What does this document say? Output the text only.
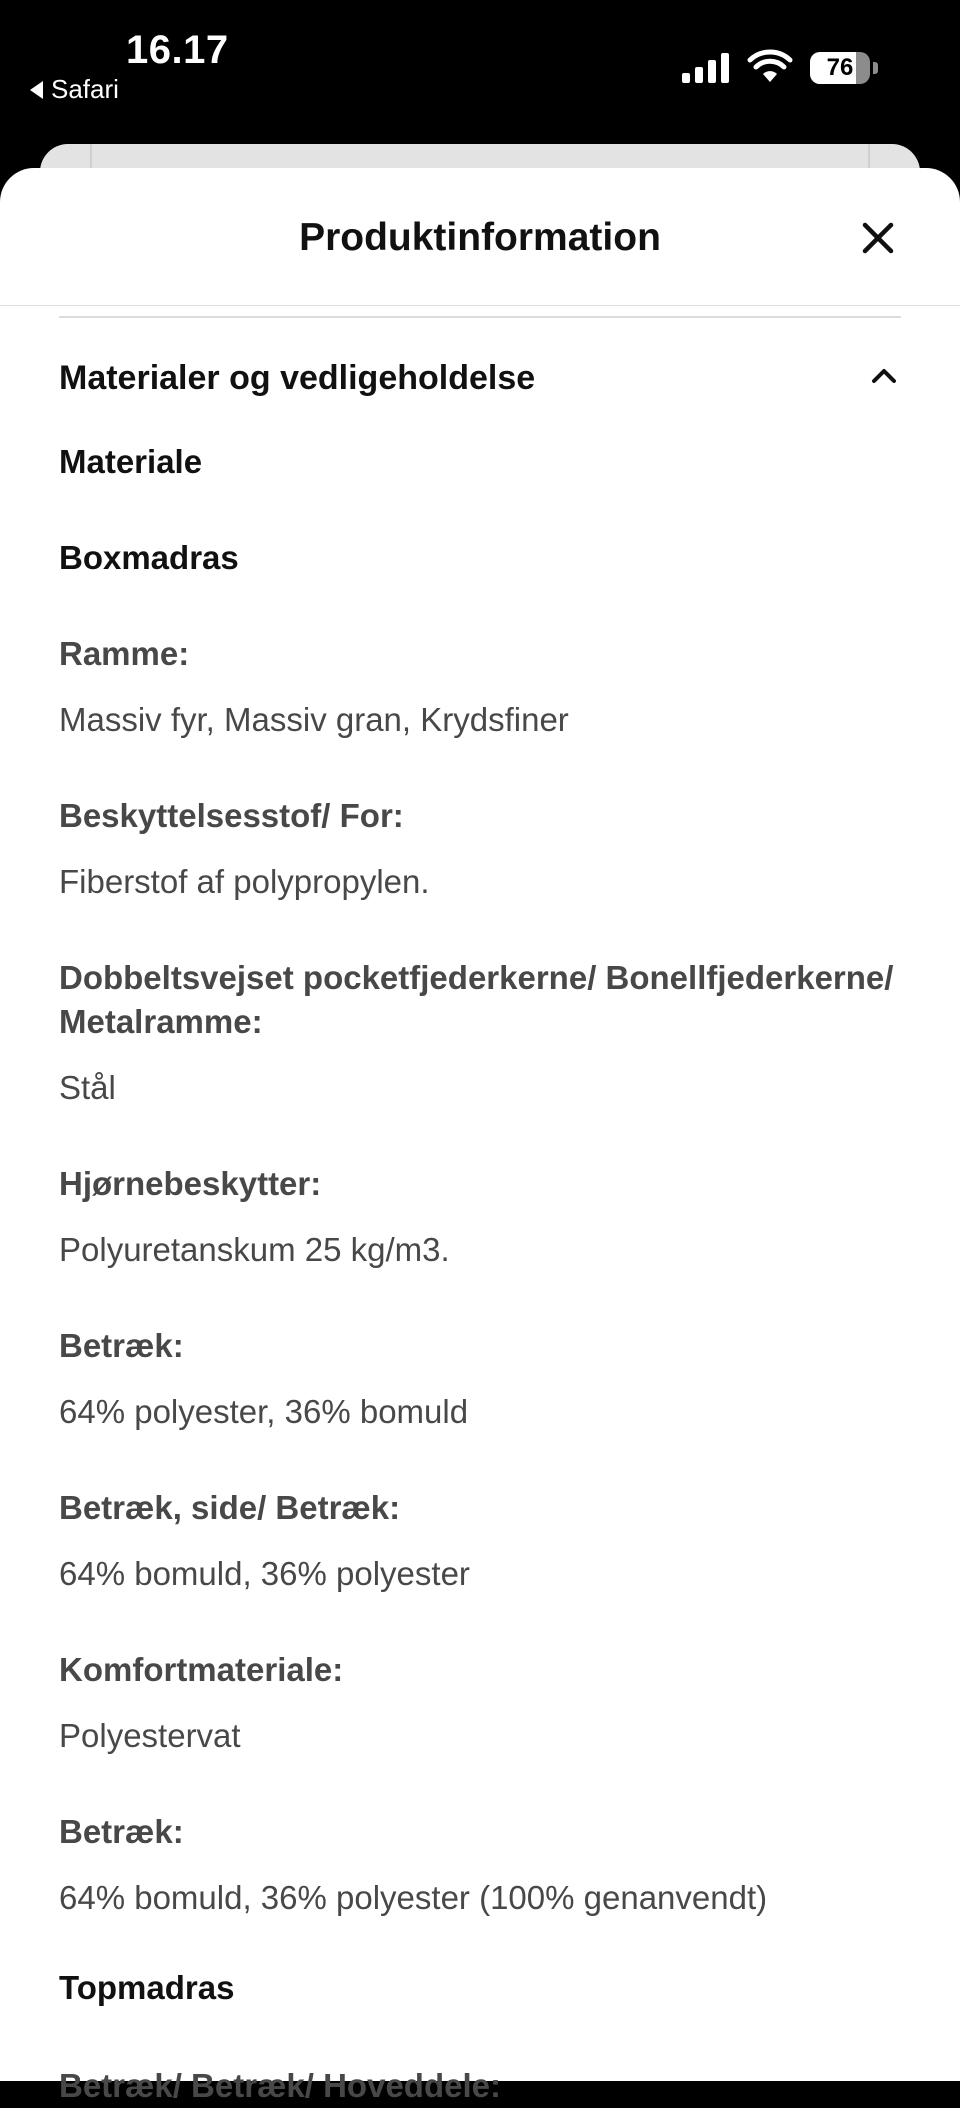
16.17
Safari
76
Produktinformation
Materialer og vedligeholdelse
Materiale
Boxmadras
Ramme:
Massiv fyr, Massiv gran, Krydsfiner
Beskyttelsesstof/ For:
Fiberstof af polypropylen.
Dobbeltsvejset pocketfjederkerne/ Bonellfjederkerne/ Metalramme:
Stål
Hjørnebeskytter:
Polyuretanskum 25 kg/m3.
Betræk:
64% polyester, 36% bomuld
Betræk, side/ Betræk:
64% bomuld, 36% polyester
Komfortmateriale:
Polyestervat
Betræk:
64% bomuld, 36% polyester (100% genanvendt)
Topmadras
Betræk/ Betræk/ Hoveddele:
